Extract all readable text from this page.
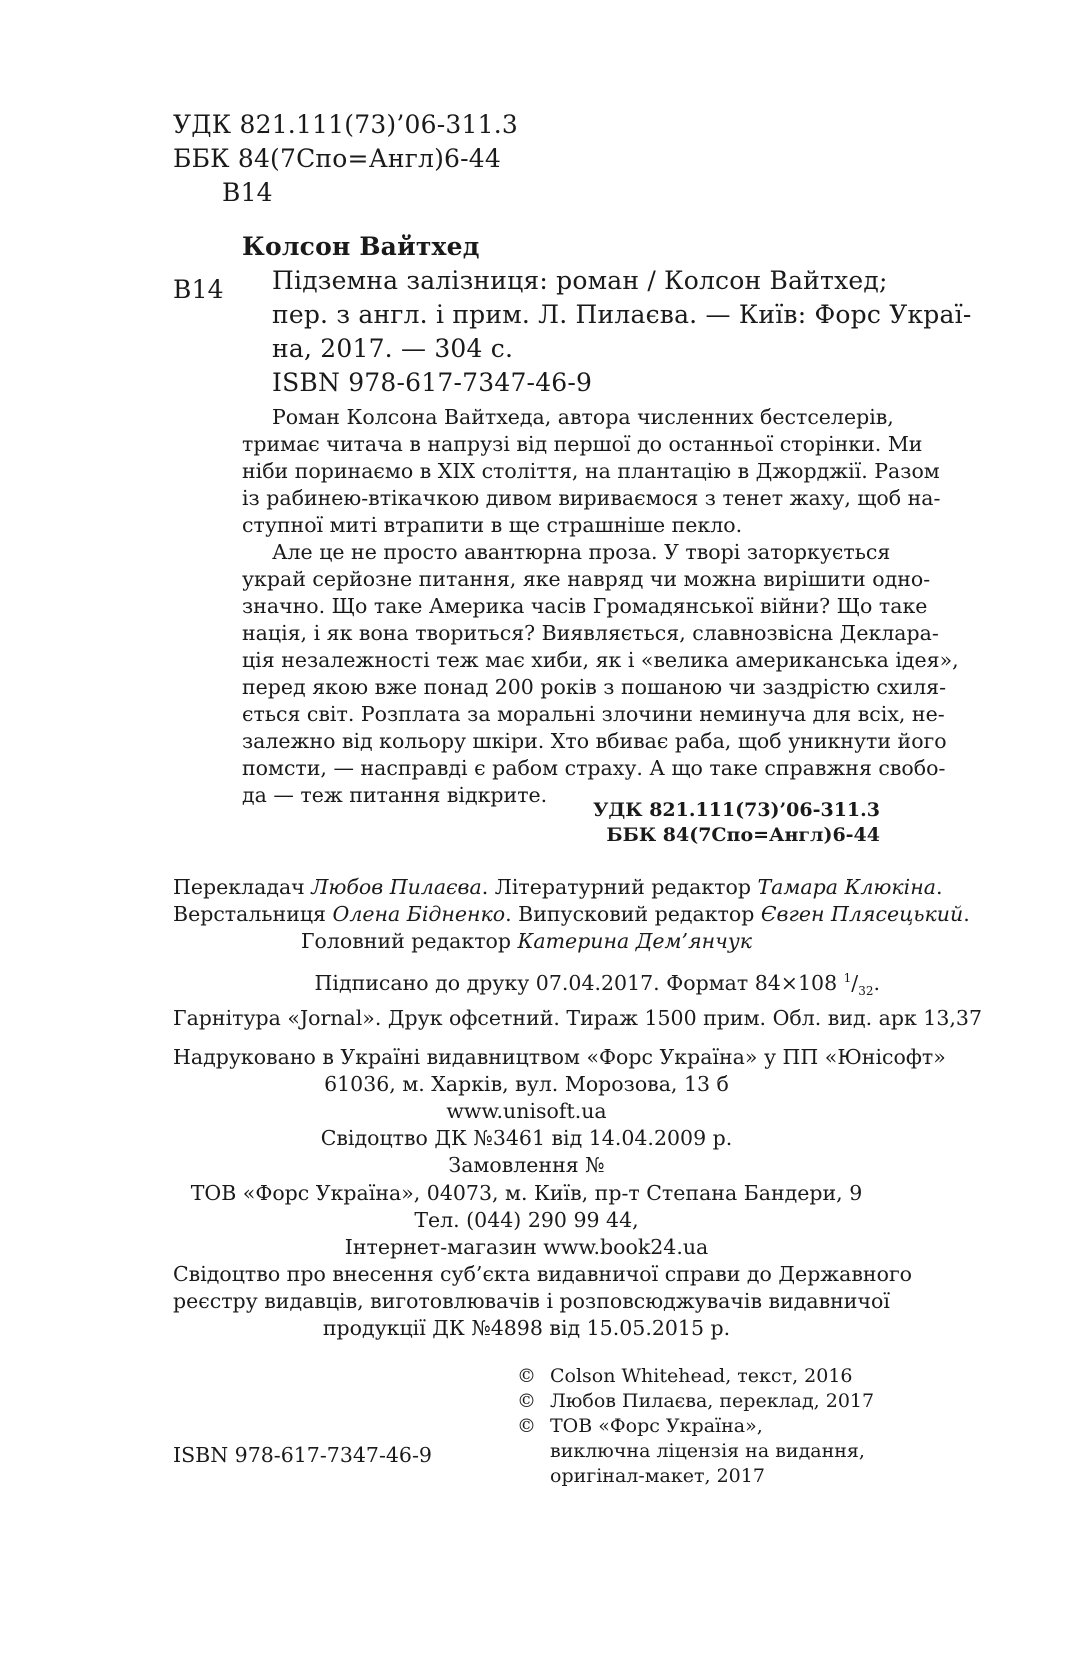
УДК 821.111(73)’06-311.3
ББК 84(7Спо=Англ)6-44
В14
Колсон Вайтхед
В14 Підземна залізниця: роман / Колсон Вайтхед;
пер. з англ. і прим. Л. Пилаєва. — Київ: Форс Украї-
на, 2017. — 304 с.
ISBN 978-617-7347-46-9
Роман Колсона Вайтхеда, автора численних бестселерів,
тримає читача в напрузі від першої до останньої сторінки. Ми
ніби поринаємо в XIX століття, на плантацію в Джорджії. Разом
із рабинею-втікачкою дивом вириваємося з тенет жаху, щоб на-
ступної миті втрапити в ще страшніше пекло.
Але це не просто авантюрна проза. У творі заторкується
украй серйозне питання, яке навряд чи можна вирішити одно-
значно. Що таке Америка часів Громадянської війни? Що таке
нація, і як вона твориться? Виявляється, славнозвісна Деклара-
ція незалежності теж має хиби, як і «велика американська ідея»,
перед якою вже понад 200 років з пошаною чи заздрістю схиля-
ється світ. Розплата за моральні злочини неминуча для всіх, не-
залежно від кольору шкіри. Хто вбиває раба, щоб уникнути його
помсти, — насправді є рабом страху. А що таке справжня свобо-
да — теж питання відкрите.
УДК 821.111(73)’06-311.3
ББК 84(7Спо=Англ)6-44
Перекладач Любов Пилаєва. Літературний редактор Тамара Клюкіна.
Верстальниця Олена Бідненко. Випусковий редактор Євген Плясецький.
Головний редактор Катерина Дем’янчук
Підписано до друку 07.04.2017. Формат 84×108 $^1/_{32}$.
Гарнітура «Jornal». Друк офсетний. Тираж 1500 прим. Обл. вид. арк 13,37
Надруковано в Україні видавництвом «Форс Україна» у ПП «Юнісофт»
61036, м. Харків, вул. Морозова, 13 б
www.unisoft.ua
Свідоцтво ДК №3461 від 14.04.2009 р.
Замовлення №
ТОВ «Форс Україна», 04073, м. Київ, пр-т Степана Бандери, 9
Тел. (044) 290 99 44,
Інтернет-магазин www.book24.ua
Свідоцтво про внесення суб’єкта видавничої справи до Державного
реєстру видавців, виготовлювачів і розповсюджувачів видавничої
продукції ДК №4898 від 15.05.2015 р.
© Colson Whitehead, текст, 2016
© Любов Пилаєва, переклад, 2017
© ТОВ «Форс Україна»,
виключна ліцензія на видання,
оригінал-макет, 2017
ISBN 978-617-7347-46-9
